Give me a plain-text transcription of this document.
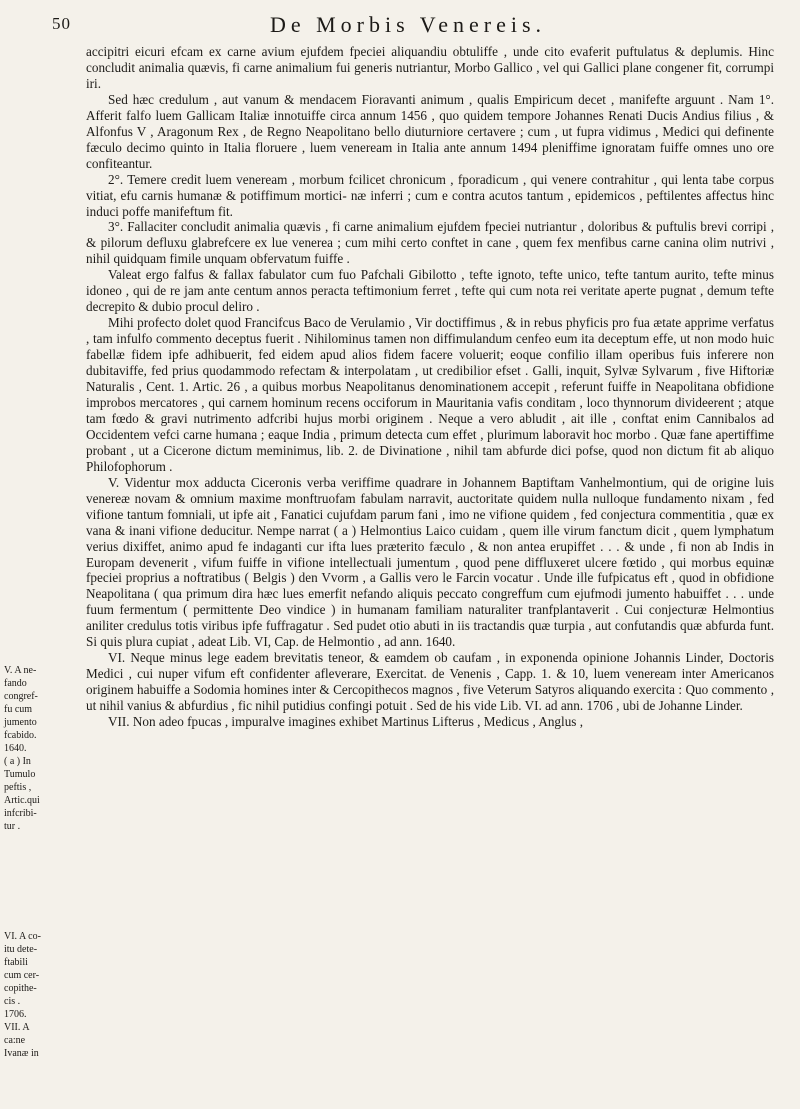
50	De Morbis Venereis.

accipitri eicuri efcam ex carne avium ejufdem fpeciei aliquandiu obtuliffe , unde cito evaferit puftulatus & deplumis. Hinc concludit animalia quævis, fi carne animalium fui generis nutriantur, Morbo Gallico , vel qui Gallici plane congener fit, corrumpi iri.

Sed hæc credulum , aut vanum & mendacem Fioravanti animum , qualis Empiricum decet , manifefte arguunt . Nam 1°. Afferit falfo luem Gallicam Italiæ innotuiffe circa annum 1456 , quo quidem tempore Johannes Renati Ducis Andius filius , & Alfonfus V , Aragonum Rex , de Regno Neapolitano bello diuturniore certavere ; cum , ut fupra vidimus , Medici qui definente fæculo decimo quinto in Italia floruere , luem veneream in Italia ante annum 1494 pleniffime ignoratam fuiffe omnes uno ore confiteantur.

2°. Temere credit luem veneream , morbum fcilicet chronicum , fporadicum , qui venere contrahitur , qui lenta tabe corpus vitiat, efu carnis humanæ & potiffimum mortici- næ inferri ; cum e contra acutos tantum , epidemicos , peftilentes affectus hinc induci poffe manifeftum fit.

3°. Fallaciter concludit animalia quævis , fi carne animalium ejufdem fpeciei nutriantur , doloribus & puftulis brevi corripi , & pilorum defluxu glabrefcere ex lue venerea ; cum mihi certo conftet in cane , quem fex menfibus carne canina olim nutrivi , nihil quidquam fimile unquam obfervatum fuiffe .

Valeat ergo falfus & fallax fabulator cum fuo Pafchali Gibilotto , tefte ignoto, tefte unico, tefte tantum aurito, tefte minus idoneo , qui de re jam ante centum annos peracta teftimonium ferret , tefte qui cum nota rei veritate aperte pugnat , demum tefte decrepito & dubio procul deliro .

Mihi profecto dolet quod Francifcus Baco de Verulamio , Vir doctiffimus , & in rebus phyficis pro fua ætate apprime verfatus , tam infulfo commento deceptus fuerit . Nihilominus tamen non diffimulandum cenfeo eum ita deceptum effe, ut non modo huic fabellæ fidem ipfe adhibuerit, fed eidem apud alios fidem facere voluerit; eoque confilio illam operibus fuis inferere non dubitaviffe, fed prius quodammodo refectam & interpolatam , ut credibilior efset . Galli, inquit, Sylvæ Sylvarum , five Hiftoriæ Naturalis , Cent. 1. Artic. 26 , a quibus morbus Neapolitanus denominationem accepit , referunt fuiffe in Neapolitana obfidione improbos mercatores , qui carnem hominum recens occiforum in Mauritania vafis conditam , loco thynnorum divideerent ; atque tam fœdo & gravi nutrimento adfcribi hujus morbi originem . Neque a vero abludit , ait ille , conftat enim Cannibalos ad Occidentem vefci carne humana ; eaque India , primum detecta cum effet , plurimum laboravit hoc morbo . Quæ fane apertiffime probant , ut a Cicerone dictum meminimus, lib. 2. de Divinatione , nihil tam abfurde dici pofse, quod non dictum fit ab aliquo Philofophorum .

V. Videntur mox adducta Ciceronis verba veriffime quadrare in Johannem Baptiftam Vanhelmontium, qui de origine luis venereæ novam & omnium maxime monftruofam fabulam narravit, auctoritate quidem nulla nulloque fundamento nixam , fed vifione tantum fomniali, ut ipfe ait , Fanatici cujufdam parum fani , imo ne vifione quidem , fed conjectura commentitia , quæ ex vana & inani vifione deducitur. Nempe narrat ( a ) Helmontius Laico cuidam , quem ille virum fanctum dicit , quem lymphatum verius dixiffet, animo apud fe indaganti cur ifta lues præterito fæculo , & non antea erupiffet . . . & unde , fi non ab Indis in Europam devenerit , vifum fuiffe in vifione intellectuali jumentum , quod pene diffluxeret ulcere fœtido , qui morbus equinæ fpeciei proprius a noftratibus ( Belgis ) den Vvorm , a Gallis vero le Farcin vocatur . Unde ille fufpicatus eft , quod in obfidione Neapolitana ( qua primum dira hæc lues emerfit nefando aliquis peccato congreffum cum ejufmodi jumento habuiffet . . . unde fuum fermentum ( permittente Deo vindice ) in humanam familiam naturaliter tranfplantaverit . Cui conjecturæ Helmontius aniliter credulus totis viribus ipfe fuffragatur . Sed pudet otio abuti in iis tractandis quæ turpia , aut confutandis quæ abfurda funt. Si quis plura cupiat , adeat Lib. VI, Cap. de Helmontio , ad ann. 1640.

VI. Neque minus lege eadem brevitatis teneor, & eamdem ob caufam , in exponenda opinione Johannis Linder, Doctoris Medici , cui nuper vifum eft confidenter afleverare, Exercitat. de Venenis , Capp. 1. & 10, luem veneream inter Americanos originem habuiffe a Sodomia homines inter & Cercopithecos magnos , five Veterum Satyros aliquando exercita : Quo commento , ut nihil vanius & abfurdius , fic nihil putidius confingi potuit . Sed de his vide Lib. VI. ad ann. 1706 , ubi de Johanne Linder.

VII. Non adeo fpucas , impuralve imagines exhibet Martinus Lifterus , Medicus , Anglus ,

V. A ne-
fando
congref-
fu cum
jumento
fcabido.
1640.
( a ) In
Tumulo
peftis ,
Artic.qui
infcribi-
tur .
VI. A co-
itu dete-
ftabili
cum cer-
copithe-
cis .
1706.
VII. A
ca:ne
Ivanæ in
